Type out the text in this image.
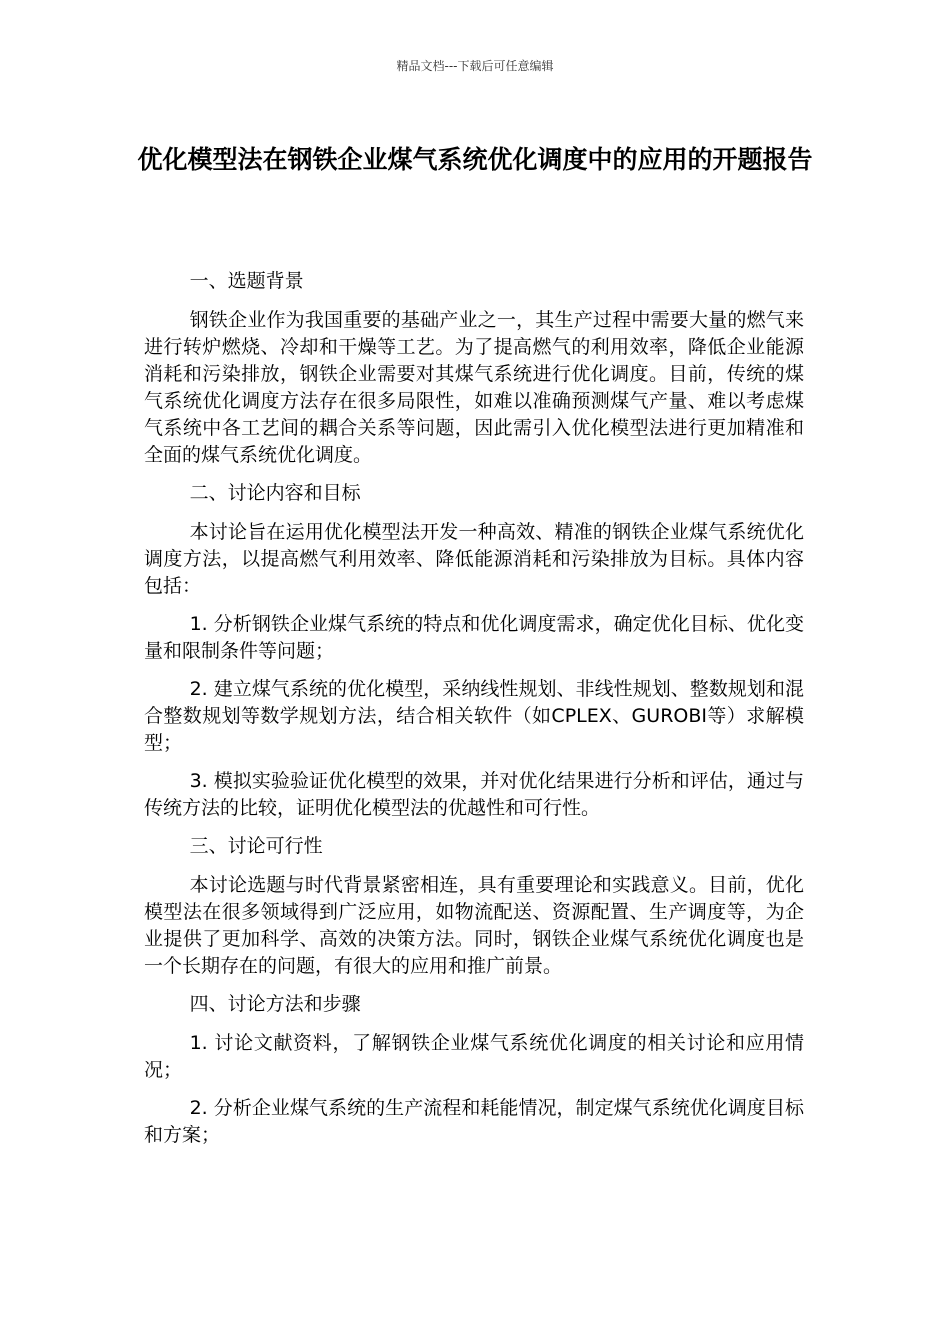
精品文档---下载后可任意编辑
优化模型法在钢铁企业煤气系统优化调度中的应用的开题报告

一、选题背景

钢铁企业作为我国重要的基础产业之一，其生产过程中需要大量的燃气来进行转炉燃烧、冷却和干燥等工艺。为了提高燃气的利用效率，降低企业能源消耗和污染排放，钢铁企业需要对其煤气系统进行优化调度。目前，传统的煤气系统优化调度方法存在很多局限性，如难以准确预测煤气产量、难以考虑煤气系统中各工艺间的耦合关系等问题，因此需引入优化模型法进行更加精准和全面的煤气系统优化调度。

二、讨论内容和目标

本讨论旨在运用优化模型法开发一种高效、精准的钢铁企业煤气系统优化调度方法，以提高燃气利用效率、降低能源消耗和污染排放为目标。具体内容包括：

1. 分析钢铁企业煤气系统的特点和优化调度需求，确定优化目标、优化变量和限制条件等问题；

2. 建立煤气系统的优化模型，采纳线性规划、非线性规划、整数规划和混合整数规划等数学规划方法，结合相关软件（如CPLEX、GUROBI等）求解模型；

3. 模拟实验验证优化模型的效果，并对优化结果进行分析和评估，通过与传统方法的比较，证明优化模型法的优越性和可行性。

三、讨论可行性

本讨论选题与时代背景紧密相连，具有重要理论和实践意义。目前，优化模型法在很多领域得到广泛应用，如物流配送、资源配置、生产调度等，为企业提供了更加科学、高效的决策方法。同时，钢铁企业煤气系统优化调度也是一个长期存在的问题，有很大的应用和推广前景。

四、讨论方法和步骤

1. 讨论文献资料，了解钢铁企业煤气系统优化调度的相关讨论和应用情况；

2. 分析企业煤气系统的生产流程和耗能情况，制定煤气系统优化调度目标和方案；
